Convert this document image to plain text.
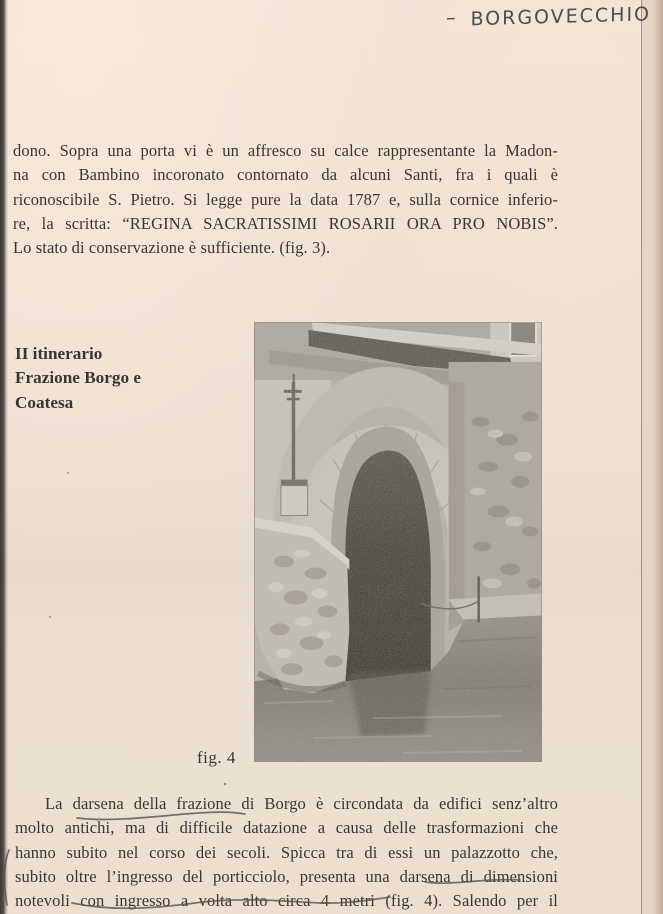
– BORGOVECCHIO
dono. Sopra una porta vi è un affresco su calce rappresentante la Madon-
na con Bambino incoronato contornato da alcuni Santi, fra i quali è
riconoscibile S. Pietro. Si legge pure la data 1787 e, sulla cornice inferio-
re, la scritta: “REGINA SACRATISSIMI ROSARII ORA PRO NOBIS”.
Lo stato di conservazione è sufficiente. (fig. 3).
II itinerario
Frazione Borgo e
Coatesa
fig. 4
La darsena della frazione di Borgo è circondata da edifici senz’altro
molto antichi, ma di difficile datazione a causa delle trasformazioni che
hanno subito nel corso dei secoli. Spicca tra di essi un palazzotto che,
subito oltre l’ingresso del porticciolo, presenta una darsena di dimensioni
notevoli con ingresso a volta alto circa 4 metri (fig. 4). Salendo per il
